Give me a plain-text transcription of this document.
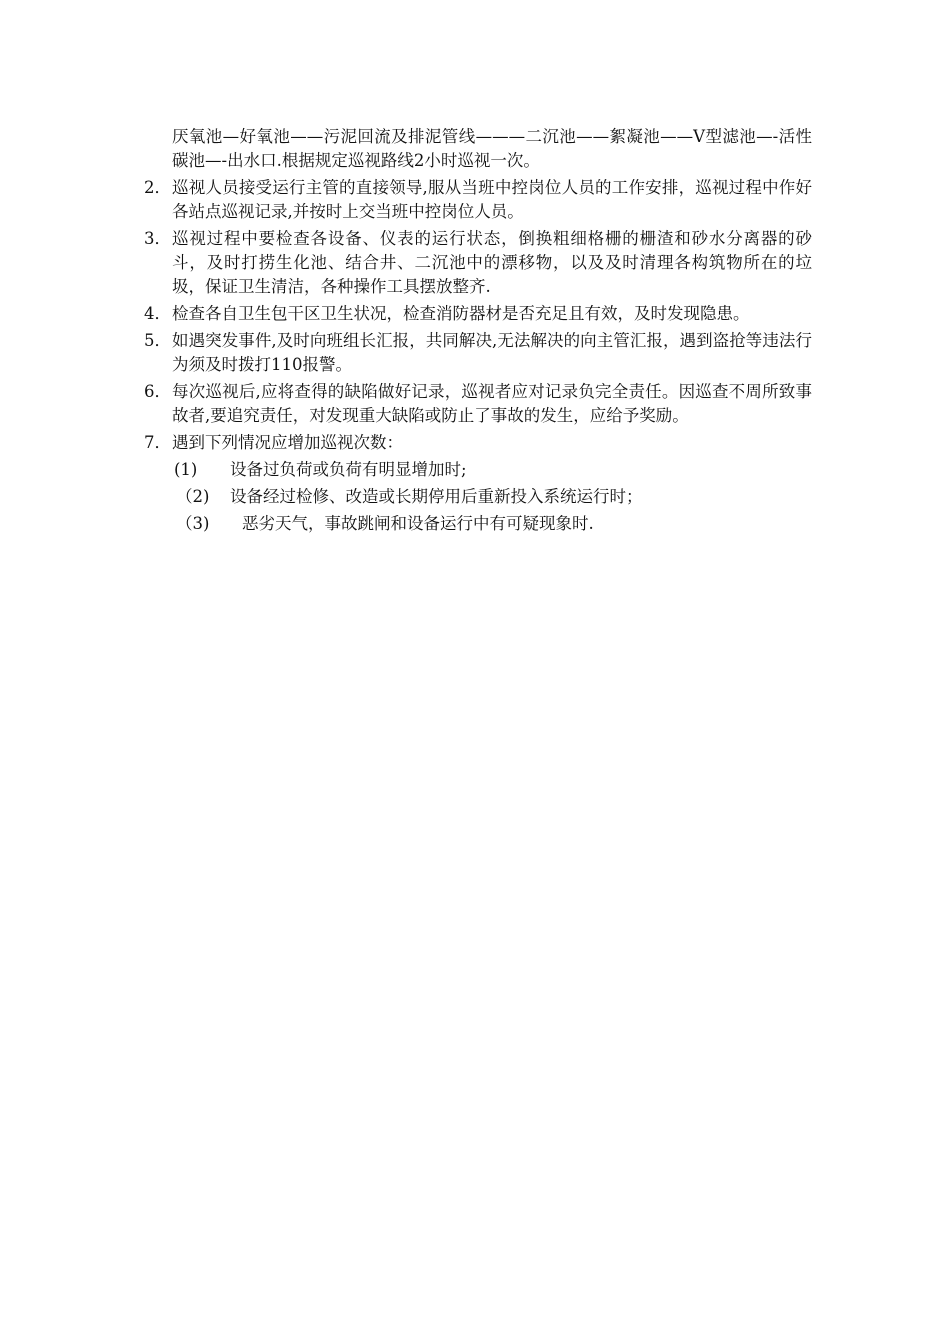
厌氧池—好氧池——污泥回流及排泥管线———二沉池——絮凝池——V型滤池—-活性碳池—-出水口.根据规定巡视路线2小时巡视一次。

2． 巡视人员接受运行主管的直接领导,服从当班中控岗位人员的工作安排，巡视过程中作好各站点巡视记录,并按时上交当班中控岗位人员。

3． 巡视过程中要检查各设备、仪表的运行状态，倒换粗细格栅的栅渣和砂水分离器的砂斗，及时打捞生化池、结合井、二沉池中的漂移物，以及及时清理各构筑物所在的垃圾，保证卫生清洁，各种操作工具摆放整齐.

4． 检查各自卫生包干区卫生状况，检查消防器材是否充足且有效，及时发现隐患。

5． 如遇突发事件,及时向班组长汇报，共同解决,无法解决的向主管汇报，遇到盗抢等违法行为须及时拨打110报警。

6． 每次巡视后,应将查得的缺陷做好记录，巡视者应对记录负完全责任。因巡查不周所致事故者,要追究责任，对发现重大缺陷或防止了事故的发生，应给予奖励。

7． 遇到下列情况应增加巡视次数：

(1) 设备过负荷或负荷有明显增加时;
（2) 设备经过检修、改造或长期停用后重新投入系统运行时；
（3) 恶劣天气，事故跳闸和设备运行中有可疑现象时.
